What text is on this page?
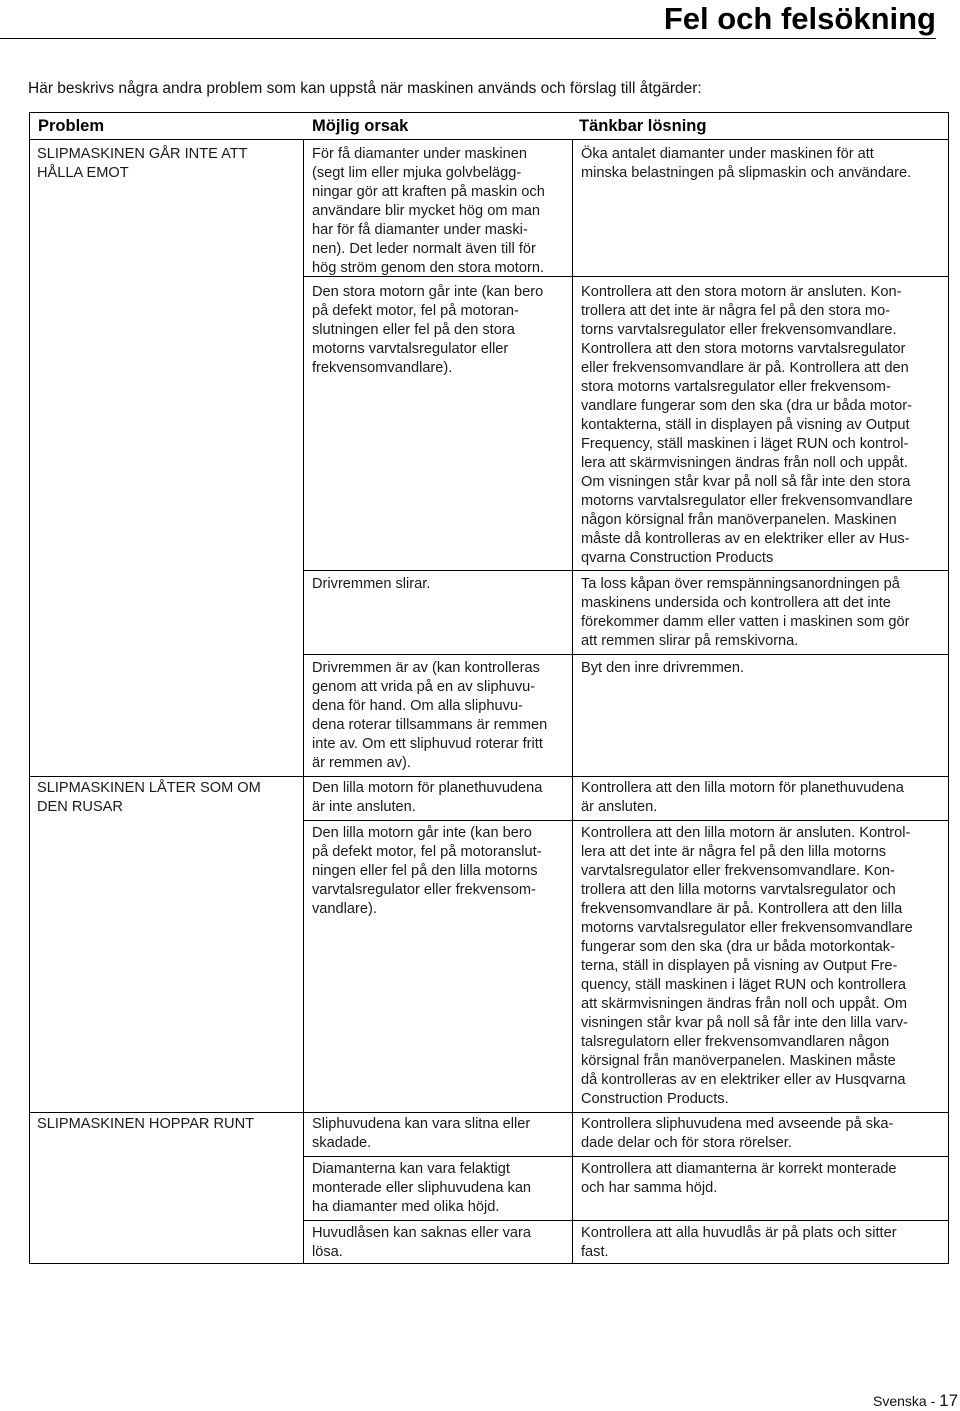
Fel och felsökning
Här beskrivs några andra problem som kan uppstå när maskinen används och förslag till åtgärder:
Problem	Möjlig orsak	Tänkbar lösning
SLIPMASKINEN GÅR INTE ATT
HÅLLA EMOT
SLIPMASKINEN LÅTER SOM OM
DEN RUSAR
SLIPMASKINEN HOPPAR RUNT
För få diamanter under maskinen
(segt lim eller mjuka golvbelägg-
ningar gör att kraften på maskin och
användare blir mycket hög om man
har för få diamanter under maski-
nen). Det leder normalt även till för
hög ström genom den stora motorn.
Den stora motorn går inte (kan bero
på defekt motor, fel på motoran-
slutningen eller fel på den stora
motorns varvtalsregulator eller
frekvensomvandlare).
Drivremmen slirar.
Drivremmen är av (kan kontrolleras
genom att vrida på en av sliphuvu-
dena för hand. Om alla sliphuvu-
dena roterar tillsammans är remmen
inte av. Om ett sliphuvud roterar fritt
är remmen av).
Den lilla motorn för planethuvudena
är inte ansluten.
Den lilla motorn går inte (kan bero
på defekt motor, fel på motoranslut-
ningen eller fel på den lilla motorns
varvtalsregulator eller frekvensom-
vandlare).
Sliphuvudena kan vara slitna eller
skadade.
Diamanterna kan vara felaktigt
monterade eller sliphuvudena kan
ha diamanter med olika höjd.
Huvudlåsen kan saknas eller vara
lösa.
Öka antalet diamanter under maskinen för att
minska belastningen på slipmaskin och användare.
Kontrollera att den stora motorn är ansluten. Kon-
trollera att det inte är några fel på den stora mo-
torns varvtalsregulator eller frekvensomvandlare.
Kontrollera att den stora motorns varvtalsregulator
eller frekvensomvandlare är på. Kontrollera att den
stora motorns vartalsregulator eller frekvensom-
vandlare fungerar som den ska (dra ur båda motor-
kontakterna, ställ in displayen på visning av Output
Frequency, ställ maskinen i läget RUN och kontrol-
lera att skärmvisningen ändras från noll och uppåt.
Om visningen står kvar på noll så får inte den stora
motorns varvtalsregulator eller frekvensomvandlare
någon körsignal från manöverpanelen. Maskinen
måste då kontrolleras av en elektriker eller av Hus-
qvarna Construction Products
Ta loss kåpan över remspänningsanordningen på
maskinens undersida och kontrollera att det inte
förekommer damm eller vatten i maskinen som gör
att remmen slirar på remskivorna.
Byt den inre drivremmen.
Kontrollera att den lilla motorn för planethuvudena
är ansluten.
Kontrollera att den lilla motorn är ansluten. Kontrol-
lera att det inte är några fel på den lilla motorns
varvtalsregulator eller frekvensomvandlare. Kon-
trollera att den lilla motorns varvtalsregulator och
frekvensomvandlare är på. Kontrollera att den lilla
motorns varvtalsregulator eller frekvensomvandlare
fungerar som den ska (dra ur båda motorkontak-
terna, ställ in displayen på visning av Output Fre-
quency, ställ maskinen i läget RUN och kontrollera
att skärmvisningen ändras från noll och uppåt. Om
visningen står kvar på noll så får inte den lilla varv-
talsregulatorn eller frekvensomvandlaren någon
körsignal från manöverpanelen. Maskinen måste
då kontrolleras av en elektriker eller av Husqvarna
Construction Products.
Kontrollera sliphuvudena med avseende på ska-
dade delar och för stora rörelser.
Kontrollera att diamanterna är korrekt monterade
och har samma höjd.
Kontrollera att alla huvudlås är på plats och sitter
fast.
Svenska - 17
